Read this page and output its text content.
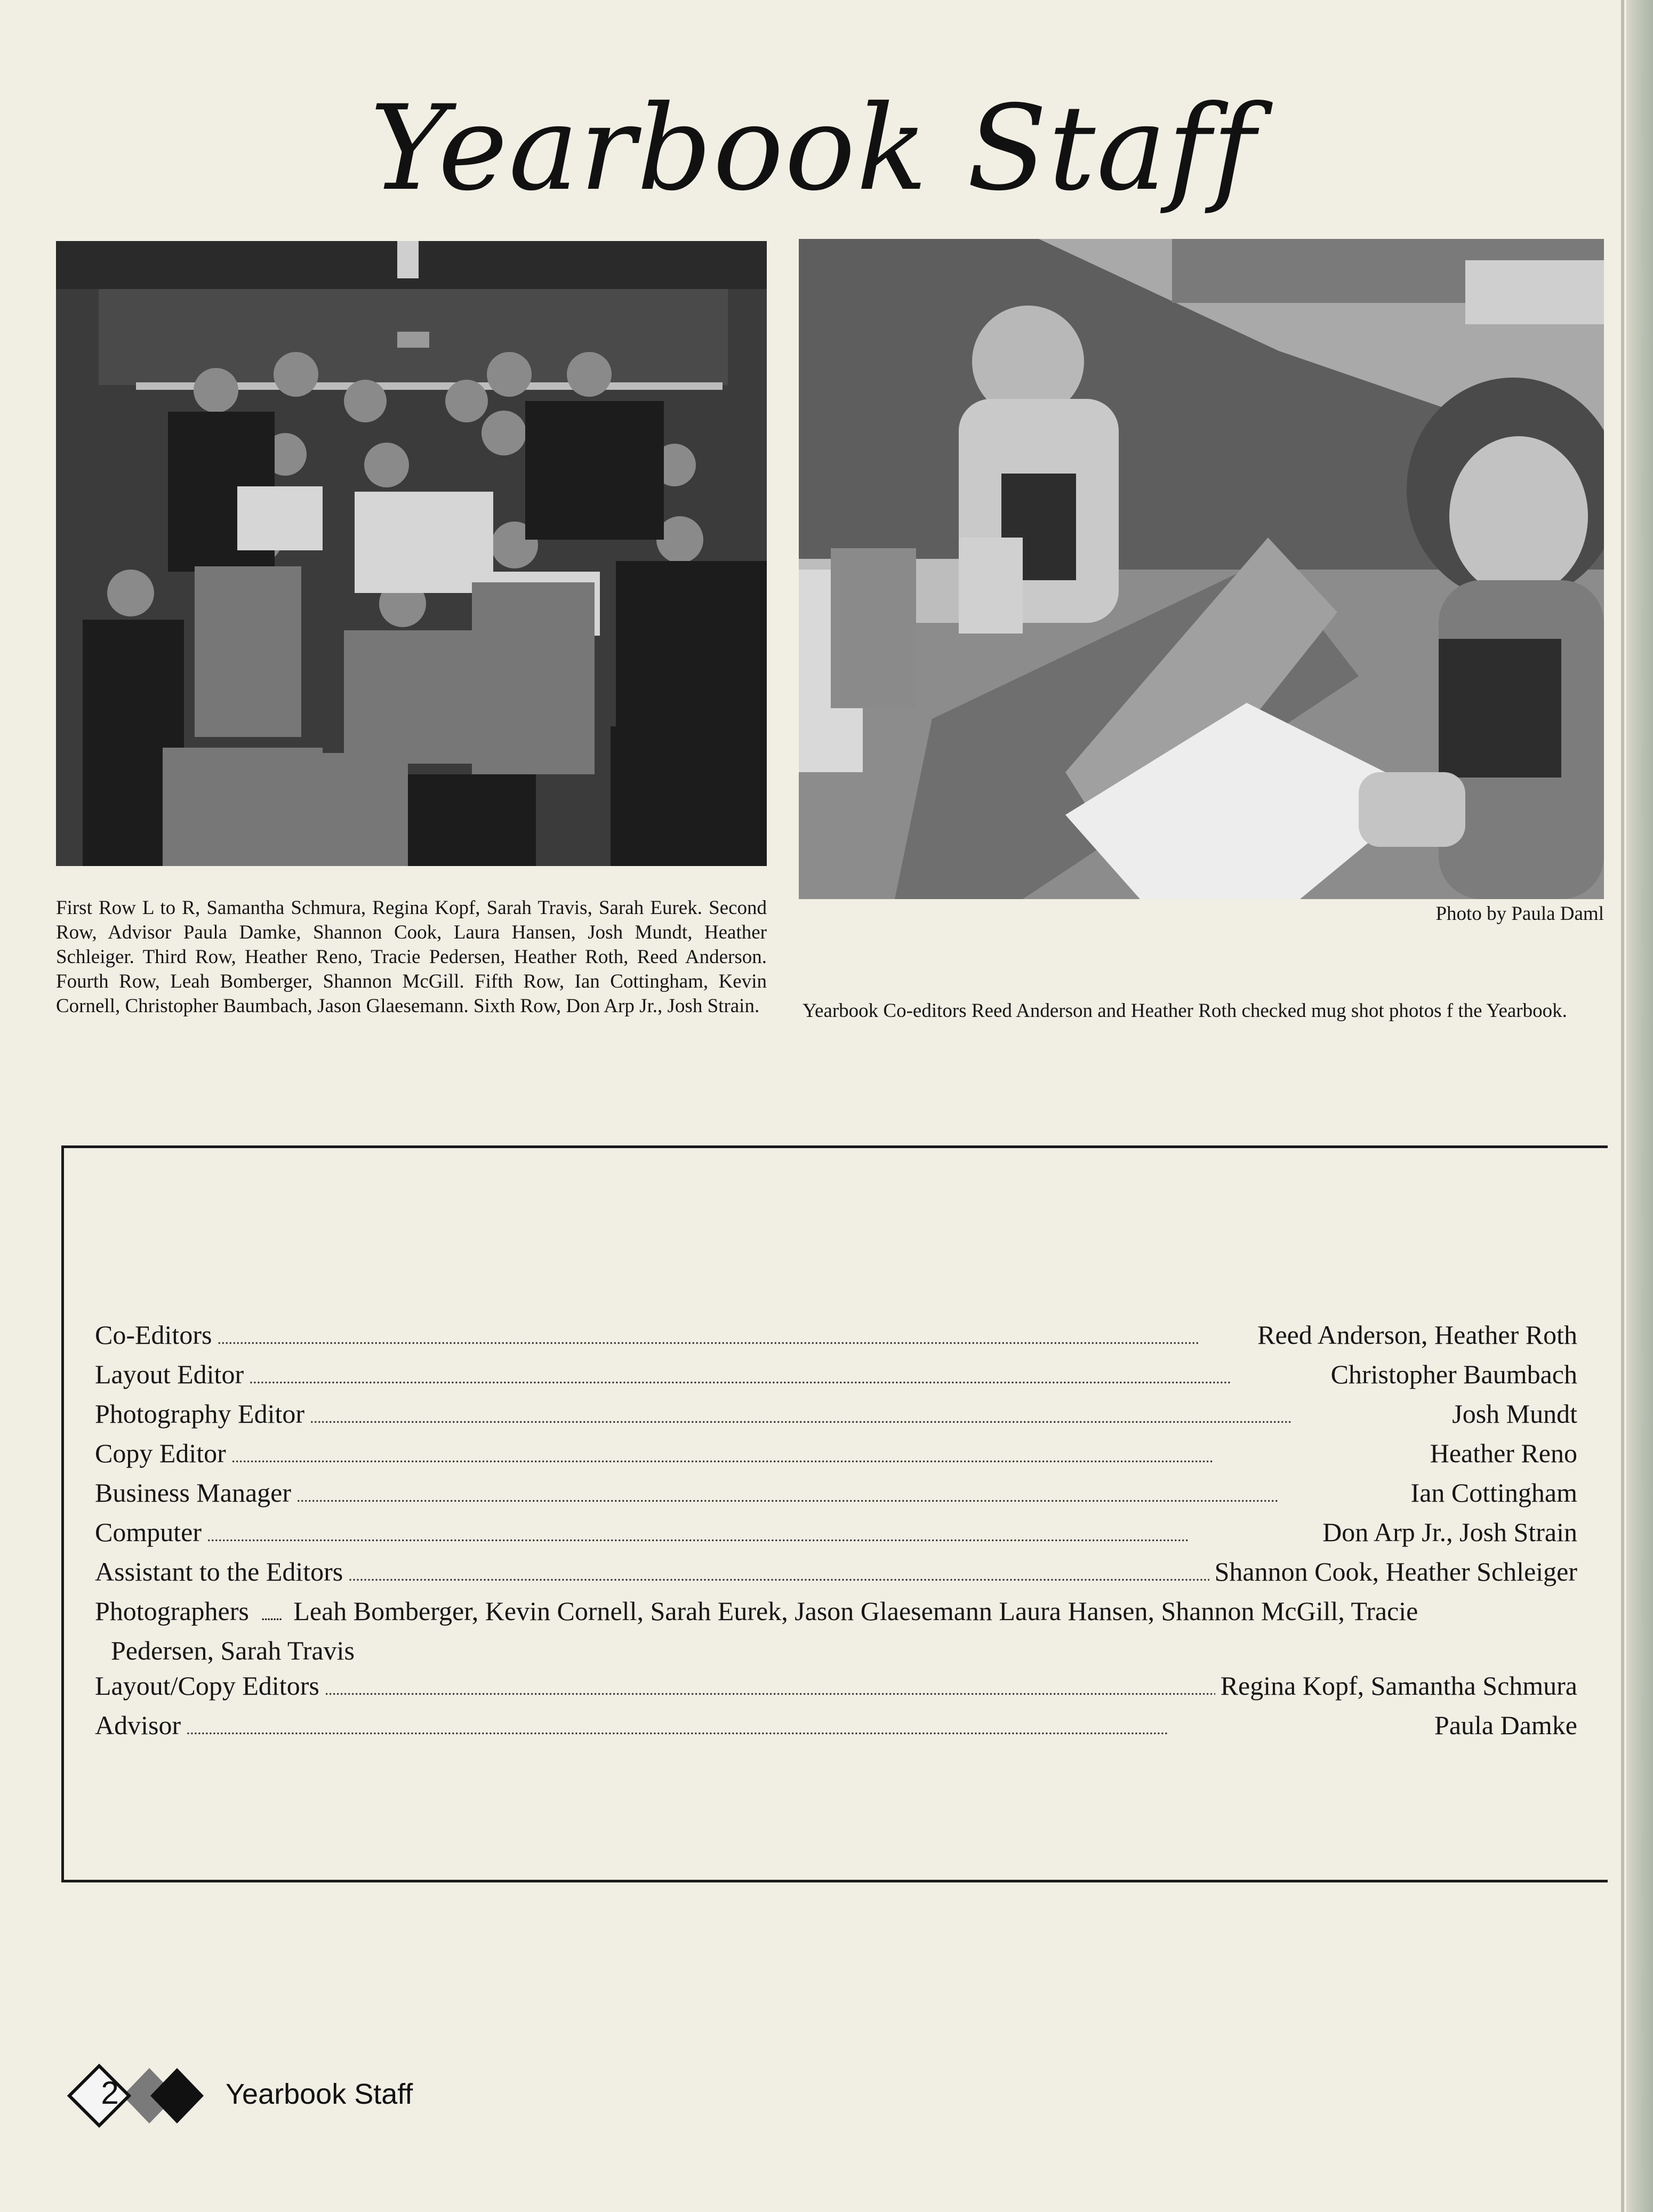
Yearbook Staff
First Row L to R, Samantha Schmura, Regina Kopf, Sarah Travis, Sarah Eurek. Second Row, Advisor Paula Damke, Shannon Cook, Laura Hansen, Josh Mundt, Heather Schleiger. Third Row, Heather Reno, Tracie Pedersen, Heather Roth, Reed Anderson. Fourth Row, Leah Bomberger, Shannon McGill. Fifth Row, Ian Cottingham, Kevin Cornell, Christopher Baumbach, Jason Glaesemann. Sixth Row, Don Arp Jr., Josh Strain.
Photo by Paula Daml
Yearbook Co-editors Reed Anderson and Heather Roth checked mug shot photos f the Yearbook.
Co-Editors . . .	Reed Anderson, Heather Roth
Layout Editor . . .	Christopher Baumbach
Photography Editor . . .	Josh Mundt
Copy Editor . . .	Heather Reno
Business Manager . . .	Ian Cottingham
Computer . . .	Don Arp Jr., Josh Strain
Assistant to the Editors . . .	Shannon Cook, Heather Schleiger
Photographers ....... Leah Bomberger, Kevin Cornell, Sarah Eurek, Jason Glaesemann Laura Hansen, Shannon McGill, Tracie
Pedersen, Sarah Travis
Layout/Copy Editors . . .	Regina Kopf, Samantha Schmura
Advisor . . .	Paula Damke
2	Yearbook Staff
